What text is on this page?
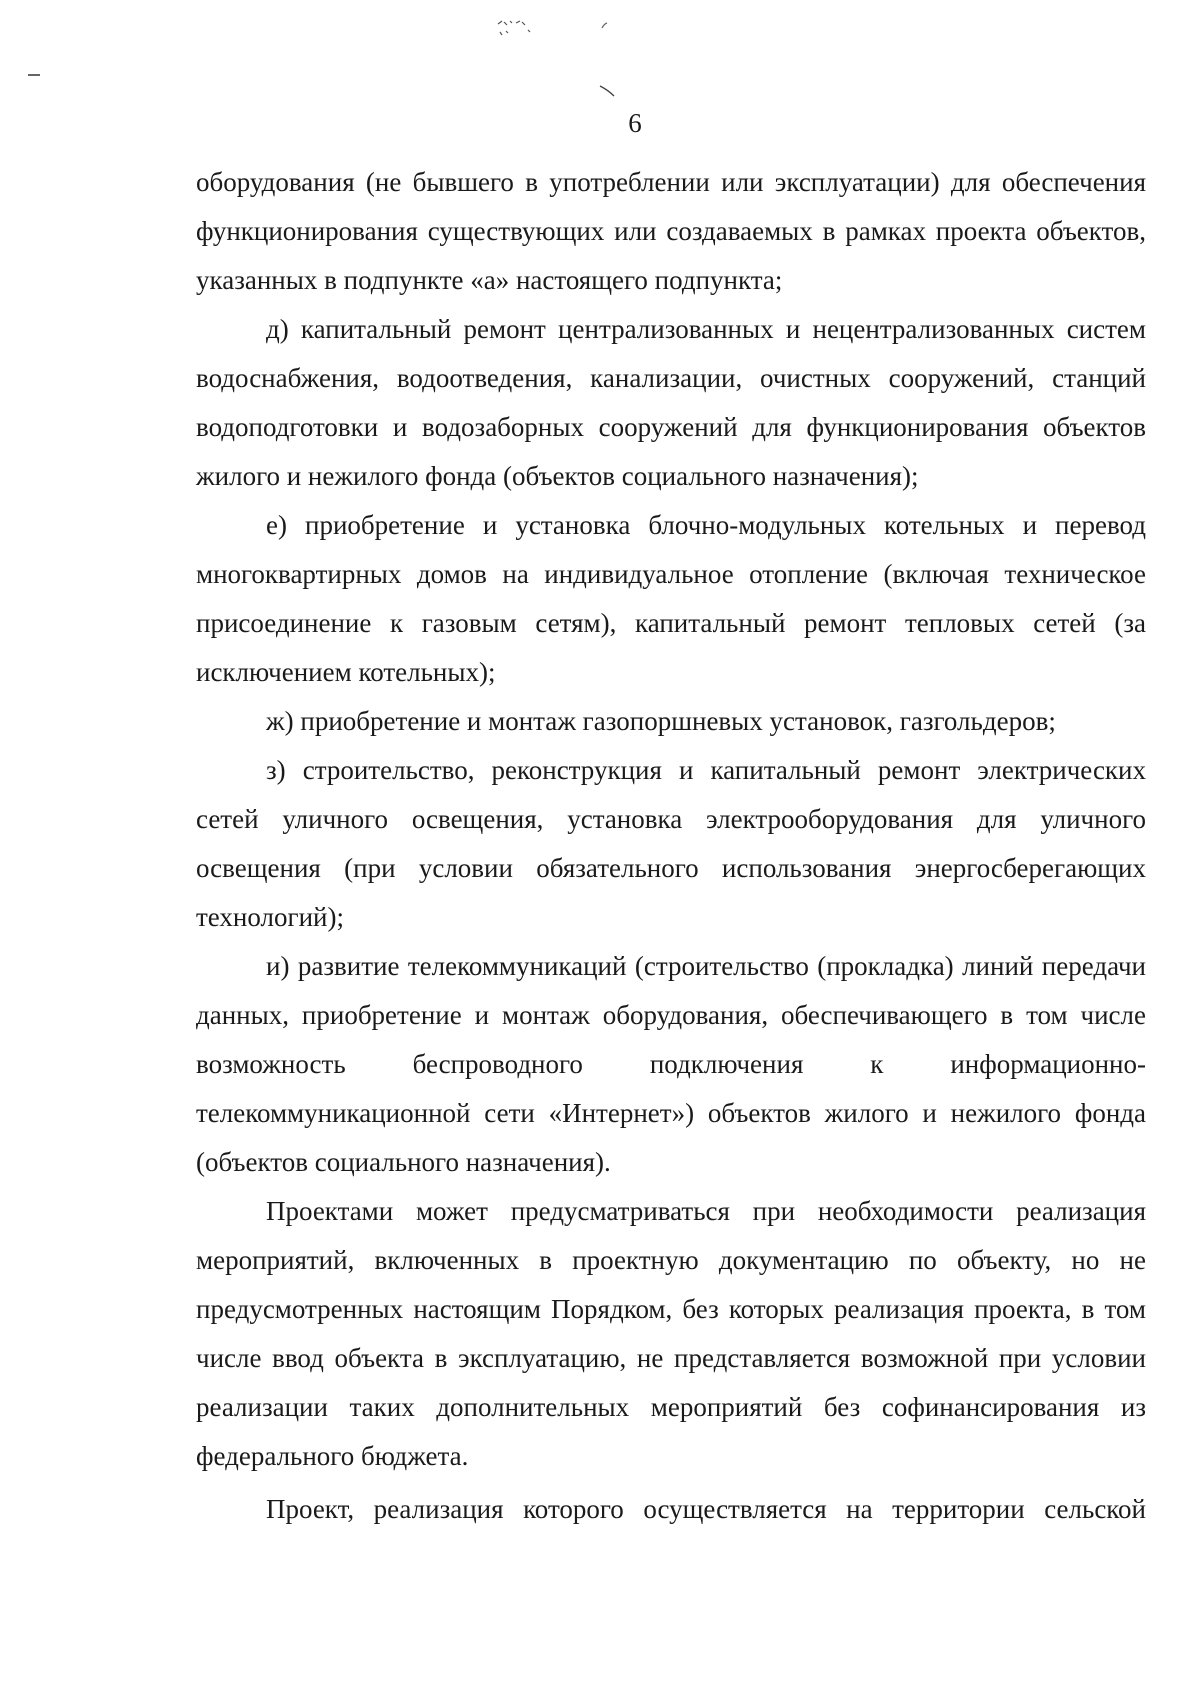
6

оборудования (не бывшего в употреблении или эксплуатации) для обеспечения функционирования существующих или создаваемых в рамках проекта объектов, указанных в подпункте «а» настоящего подпункта;

д) капитальный ремонт централизованных и нецентрализованных систем водоснабжения, водоотведения, канализации, очистных сооружений, станций водоподготовки и водозаборных сооружений для функционирования объектов жилого и нежилого фонда (объектов социального назначения);

е) приобретение и установка блочно-модульных котельных и перевод многоквартирных домов на индивидуальное отопление (включая техническое присоединение к газовым сетям), капитальный ремонт тепловых сетей (за исключением котельных);

ж) приобретение и монтаж газопоршневых установок, газгольдеров;

з) строительство, реконструкция и капитальный ремонт электрических сетей уличного освещения, установка электрооборудования для уличного освещения (при условии обязательного использования энергосберегающих технологий);

и) развитие телекоммуникаций (строительство (прокладка) линий передачи данных, приобретение и монтаж оборудования, обеспечивающего в том числе возможность беспроводного подключения к информационно-телекоммуникационной сети «Интернет») объектов жилого и нежилого фонда (объектов социального назначения).

Проектами может предусматриваться при необходимости реализация мероприятий, включенных в проектную документацию по объекту, но не предусмотренных настоящим Порядком, без которых реализация проекта, в том числе ввод объекта в эксплуатацию, не представляется возможной при условии реализации таких дополнительных мероприятий без софинансирования из федерального бюджета.

Проект, реализация которого осуществляется на территории сельской
